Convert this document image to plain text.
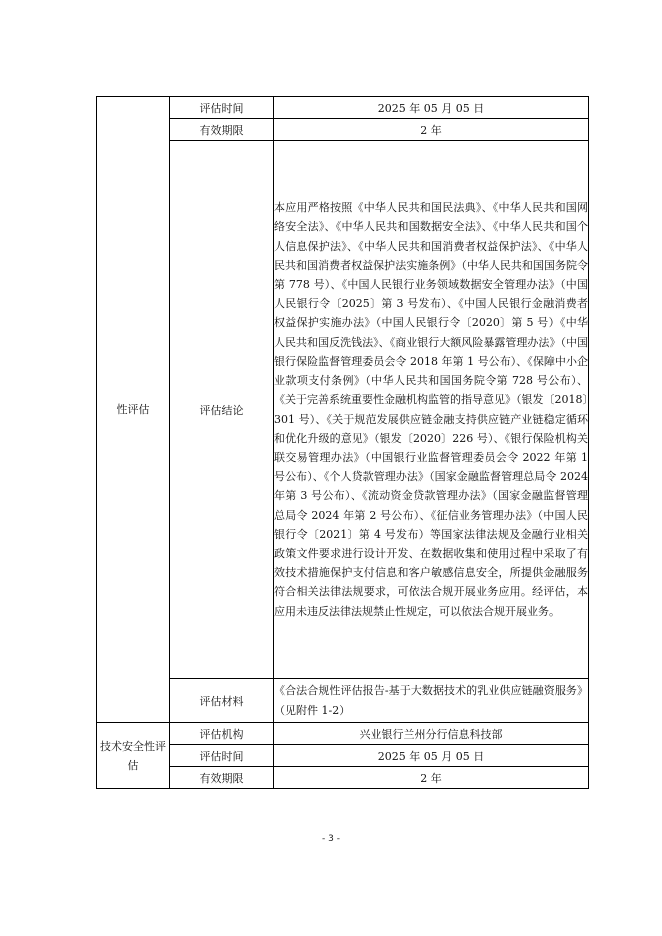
性评估	评估时间	2025 年 05 月 05 日
	有效期限	2 年
	评估结论	本应用严格按照《中华人民共和国民法典》、《中华人民共和国网络安全法》、《中华人民共和国数据安全法》、《中华人民共和国个人信息保护法》、《中华人民共和国消费者权益保护法》、《中华人民共和国消费者权益保护法实施条例》（中华人民共和国国务院令第 778 号）、《中国人民银行业务领域数据安全管理办法》（中国人民银行令〔2025〕第 3 号发布）、《中国人民银行金融消费者权益保护实施办法》（中国人民银行令〔2020〕第 5 号）《中华人民共和国反洗钱法》、《商业银行大额风险暴露管理办法》（中国银行保险监督管理委员会令 2018 年第 1 号公布）、《保障中小企业款项支付条例》（中华人民共和国国务院令第 728 号公布）、《关于完善系统重要性金融机构监管的指导意见》（银发〔2018〕301 号）、《关于规范发展供应链金融支持供应链产业链稳定循环和优化升级的意见》（银发〔2020〕226 号）、《银行保险机构关联交易管理办法》（中国银行业监督管理委员会令 2022 年第 1 号公布）、《个人贷款管理办法》（国家金融监督管理总局令 2024 年第 3 号公布）、《流动资金贷款管理办法》（国家金融监督管理总局令 2024 年第 2 号公布）、《征信业务管理办法》（中国人民银行令〔2021〕第 4 号发布）等国家法律法规及金融行业相关政策文件要求进行设计开发、在数据收集和使用过程中采取了有效技术措施保护支付信息和客户敏感信息安全，所提供金融服务符合相关法律法规要求，可依法合规开展业务应用。经评估，本应用未违反法律法规禁止性规定，可以依法合规开展业务。
	评估材料	《合法合规性评估报告-基于大数据技术的乳业供应链融资服务》（见附件 1-2）
技术安全性评估	评估机构	兴业银行兰州分行信息科技部
	评估时间	2025 年 05 月 05 日
	有效期限	2 年
- 3 -
